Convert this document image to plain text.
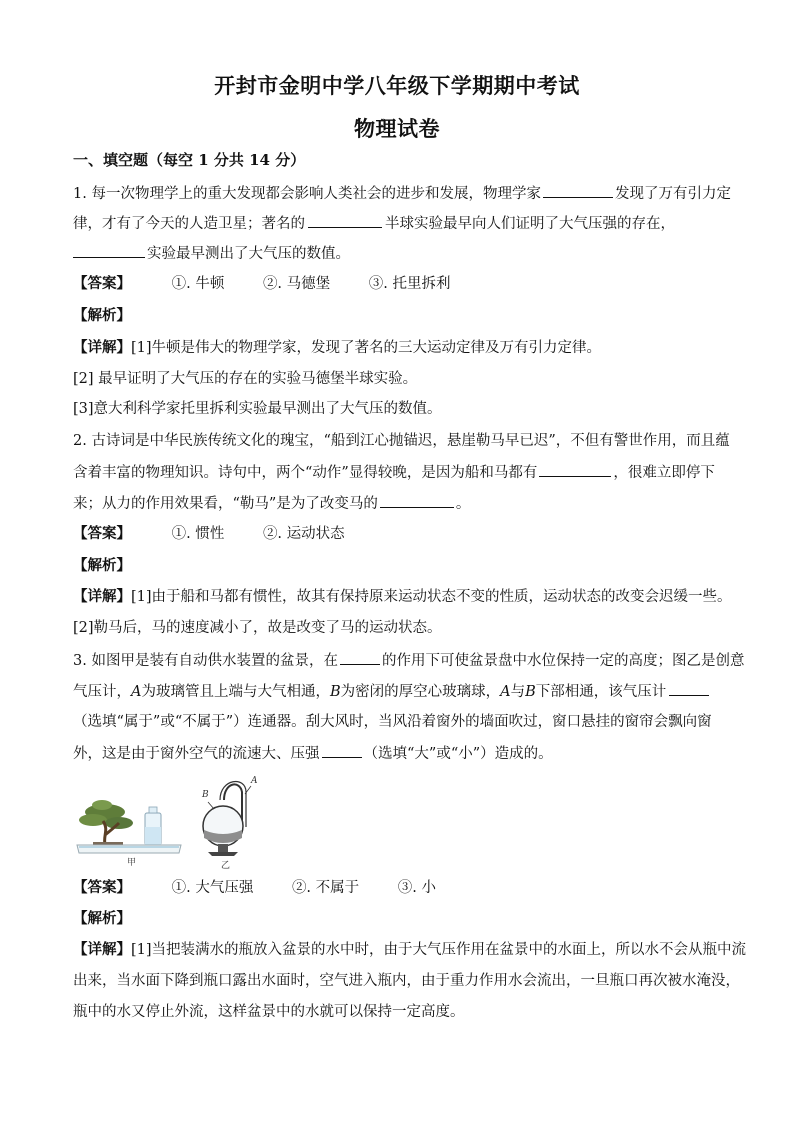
开封市金明中学八年级下学期期中考试
物理试卷
一、填空题（每空 1 分共 14 分）
1. 每一次物理学上的重大发现都会影响人类社会的进步和发展，物理学家	发现了万有引力定
律，才有了今天的人造卫星；著名的	半球实验最早向人们证明了大气压强的存在，
实验最早测出了大气压的数值。
【答案】	①. 牛顿	②. 马德堡	③. 托里拆利
【解析】
【详解】[1]牛顿是伟大的物理学家，发现了著名的三大运动定律及万有引力定律。
[2] 最早证明了大气压的存在的实验马德堡半球实验。
[3]意大利科学家托里拆利实验最早测出了大气压的数值。
2. 古诗词是中华民族传统文化的瑰宝，“船到江心抛锚迟，悬崖勒马早已迟”，不但有警世作用，而且蕴
含着丰富的物理知识。诗句中，两个“动作”显得较晚，是因为船和马都有	，很难立即停下
来；从力的作用效果看，“勒马”是为了改变马的	。
【答案】	①. 惯性	②. 运动状态
【解析】
【详解】[1]由于船和马都有惯性，故其有保持原来运动状态不变的性质，运动状态的改变会迟缓一些。
[2]勒马后，马的速度减小了，故是改变了马的运动状态。
3. 如图甲是装有自动供水装置的盆景，在	的作用下可使盆景盘中水位保持一定的高度；图乙是创意
气压计，A为玻璃管且上端与大气相通，B为密闭的厚空心玻璃球，A与B下部相通，该气压计
（选填“属于”或“不属于”）连通器。刮大风时，当风沿着窗外的墙面吹过，窗口悬挂的窗帘会飘向窗
外，这是由于窗外空气的流速大、压强	（选填“大”或“小”）造成的。
甲
B
A
乙
【答案】	①. 大气压强	②. 不属于	③. 小
【解析】
【详解】[1]当把装满水的瓶放入盆景的水中时，由于大气压作用在盆景中的水面上，所以水不会从瓶中流
出来，当水面下降到瓶口露出水面时，空气进入瓶内，由于重力作用水会流出，一旦瓶口再次被水淹没，
瓶中的水又停止外流，这样盆景中的水就可以保持一定高度。
